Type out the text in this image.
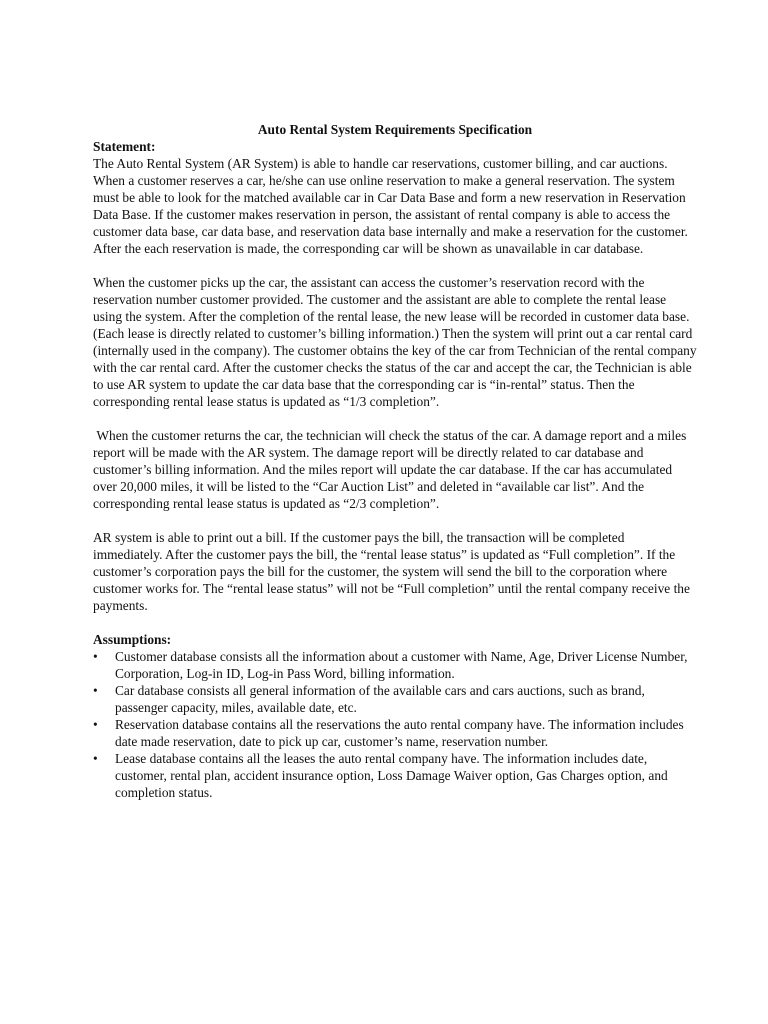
Auto Rental System Requirements Specification
Statement:

The Auto Rental System (AR System) is able to handle car reservations, customer billing, and car auctions. When a customer reserves a car, he/she can use online reservation to make a general reservation. The system must be able to look for the matched available car in Car Data Base and form a new reservation in Reservation Data Base. If the customer makes reservation in person, the assistant of rental company is able to access the customer data base, car data base, and reservation data base internally and make a reservation for the customer. After the each reservation is made, the corresponding car will be shown as unavailable in car database.

When the customer picks up the car, the assistant can access the customer’s reservation record with the reservation number customer provided. The customer and the assistant are able to complete the rental lease using the system. After the completion of the rental lease, the new lease will be recorded in customer data base. (Each lease is directly related to customer’s billing information.) Then the system will print out a car rental card (internally used in the company). The customer obtains the key of the car from Technician of the rental company with the car rental card. After the customer checks the status of the car and accept the car, the Technician is able to use AR system to update the car data base that the corresponding car is “in-rental” status. Then the corresponding rental lease status is updated as “1/3 completion”.

When the customer returns the car, the technician will check the status of the car. A damage report and a miles report will be made with the AR system. The damage report will be directly related to car database and customer’s billing information. And the miles report will update the car database. If the car has accumulated over 20,000 miles, it will be listed to the “Car Auction List” and deleted in “available car list”. And the corresponding rental lease status is updated as “2/3 completion”.

AR system is able to print out a bill. If the customer pays the bill, the transaction will be completed immediately. After the customer pays the bill, the “rental lease status” is updated as “Full completion”. If the customer’s corporation pays the bill for the customer, the system will send the bill to the corporation where customer works for. The “rental lease status” will not be “Full completion” until the rental company receive the payments.

Assumptions:
• Customer database consists all the information about a customer with Name, Age, Driver License Number, Corporation, Log-in ID, Log-in Pass Word, billing information.
• Car database consists all general information of the available cars and cars auctions, such as brand, passenger capacity, miles, available date, etc.
• Reservation database contains all the reservations the auto rental company have. The information includes date made reservation, date to pick up car, customer’s name, reservation number.
• Lease database contains all the leases the auto rental company have. The information includes date, customer, rental plan, accident insurance option, Loss Damage Waiver option, Gas Charges option, and completion status.
